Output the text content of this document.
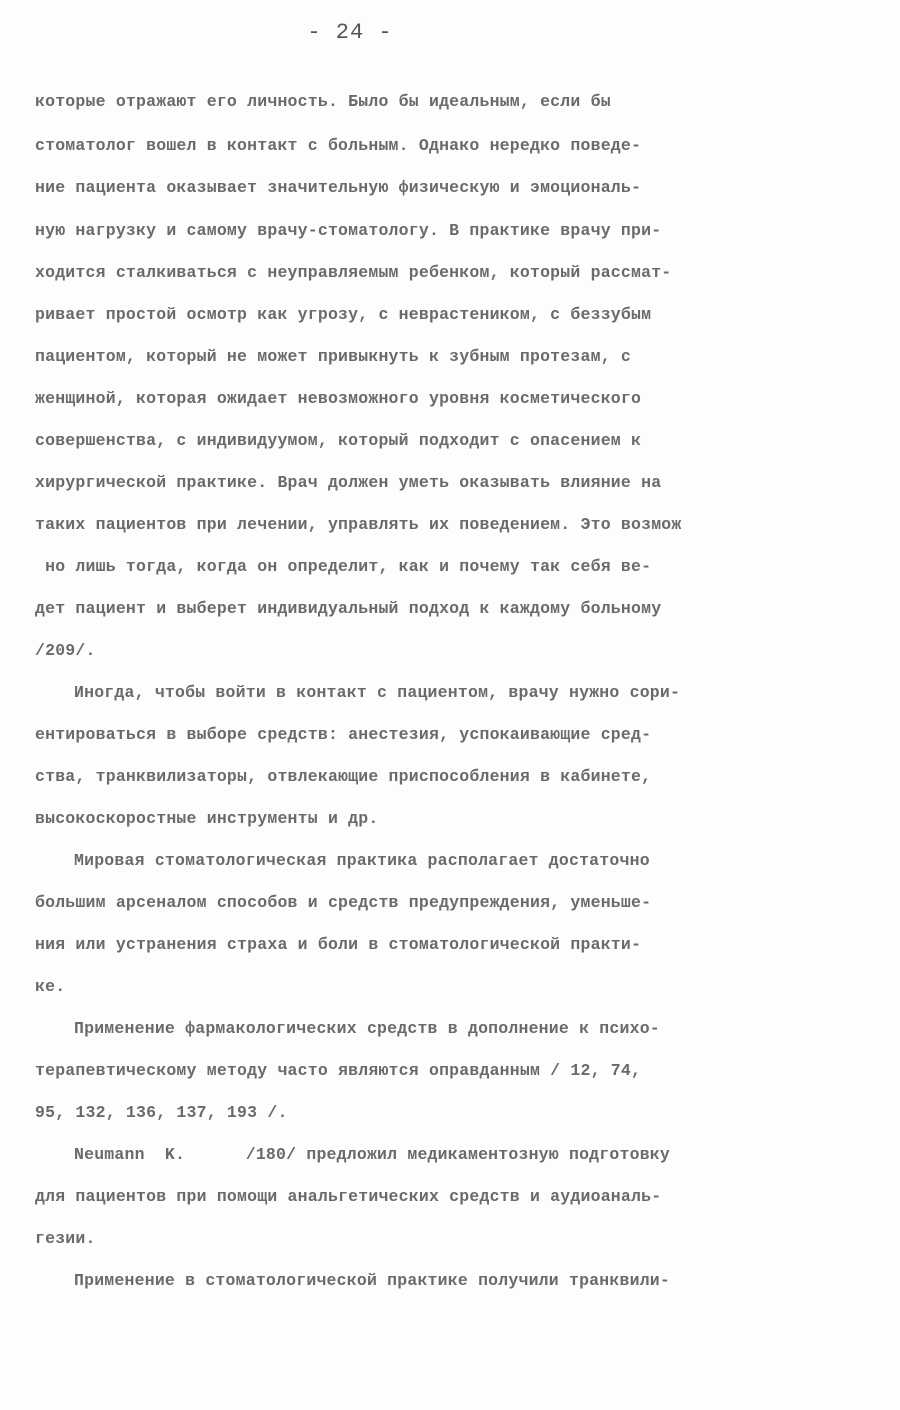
- 24 -
которые отражают его личность. Было бы идеальным, если бы
стоматолог вошел в контакт с больным. Однако нередко поведе-
ние пациента оказывает значительную физическую и эмоциональ-
ную нагрузку и самому врачу-стоматологу. В практике врачу при-
ходится сталкиваться с неуправляемым ребенком, который рассмат-
ривает простой осмотр как угрозу, с неврастеником, с беззубым
пациентом, который не может привыкнуть к зубным протезам, с
женщиной, которая ожидает невозможного уровня косметического
совершенства, с индивидуумом, который подходит с опасением к
хирургической практике. Врач должен уметь оказывать влияние на
таких пациентов при лечении, управлять их поведением. Это возмож
но лишь тогда, когда он определит, как и почему так себя ве-
дет пациент и выберет индивидуальный подход к каждому больному
/209/.
Иногда, чтобы войти в контакт с пациентом, врачу нужно сори-
ентироваться в выборе средств: анестезия, успокаивающие сред-
ства, транквилизаторы, отвлекающие приспособления в кабинете,
высокоскоростные инструменты и др.
Мировая стоматологическая практика располагает достаточно
большим арсеналом способов и средств предупреждения, уменьше-
ния или устранения страха и боли в стоматологической практи-
ке.
Применение фармакологических средств в дополнение к психо-
терапевтическому методу часто являются оправданным / 12, 74,
95, 132, 136, 137, 193 /.
Neumann  K.      /180/ предложил медикаментозную подготовку
для пациентов при помощи анальгетических средств и аудиоаналь-
гезии.
Применение в стоматологической практике получили транквили-
